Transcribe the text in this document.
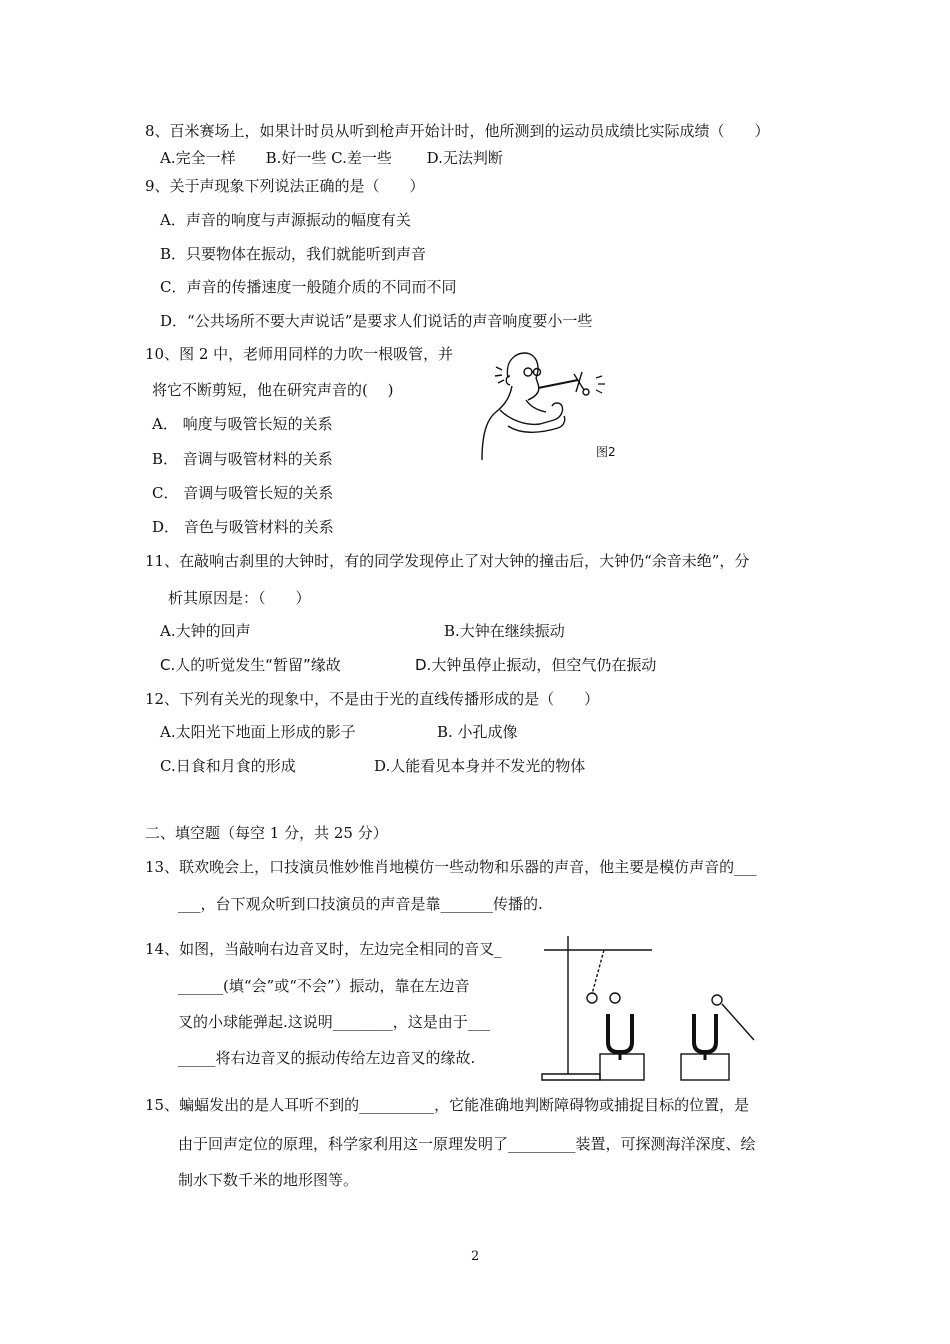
8、百米赛场上，如果计时员从听到枪声开始计时，他所测到的运动员成绩比实际成绩（　　）
A.完全一样　　B.好一些 C.差一些　　 D.无法判断
9、关于声现象下列说法正确的是（　　）
A．声音的响度与声源振动的幅度有关
B．只要物体在振动，我们就能听到声音
C．声音的传播速度一般随介质的不同而不同
D．“公共场所不要大声说话”是要求人们说话的声音响度要小一些
10、图 2 中，老师用同样的力吹一根吸管，并
将它不断剪短，他在研究声音的(　 )
A． 响度与吸管长短的关系
B． 音调与吸管材料的关系
C． 音调与吸管长短的关系
D． 音色与吸管材料的关系
图2
11、在敲响古刹里的大钟时，有的同学发现停止了对大钟的撞击后，大钟仍“余音未绝”，分
析其原因是：（　　）
A.大钟的回声	B.大钟在继续振动
C.人的听觉发生“暂留”缘故	D.大钟虽停止振动，但空气仍在振动
12、下列有关光的现象中，不是由于光的直线传播形成的是（　　）
A.太阳光下地面上形成的影子	B. 小孔成像
C.日食和月食的形成	D.人能看见本身并不发光的物体
二、填空题（每空 1 分，共 25 分）
13、联欢晚会上，口技演员惟妙惟肖地模仿一些动物和乐器的声音，他主要是模仿声音的___
___，台下观众听到口技演员的声音是靠_______传播的.
14、如图，当敲响右边音叉时，左边完全相同的音叉_
______(填“会”或“不会”）振动，靠在左边音
叉的小球能弹起.这说明________，这是由于___
_____将右边音叉的振动传给左边音叉的缘故.
15、蝙蝠发出的是人耳听不到的__________，它能准确地判断障碍物或捕捉目标的位置，是
由于回声定位的原理，科学家利用这一原理发明了_________装置，可探测海洋深度、绘
制水下数千米的地形图等。
2
